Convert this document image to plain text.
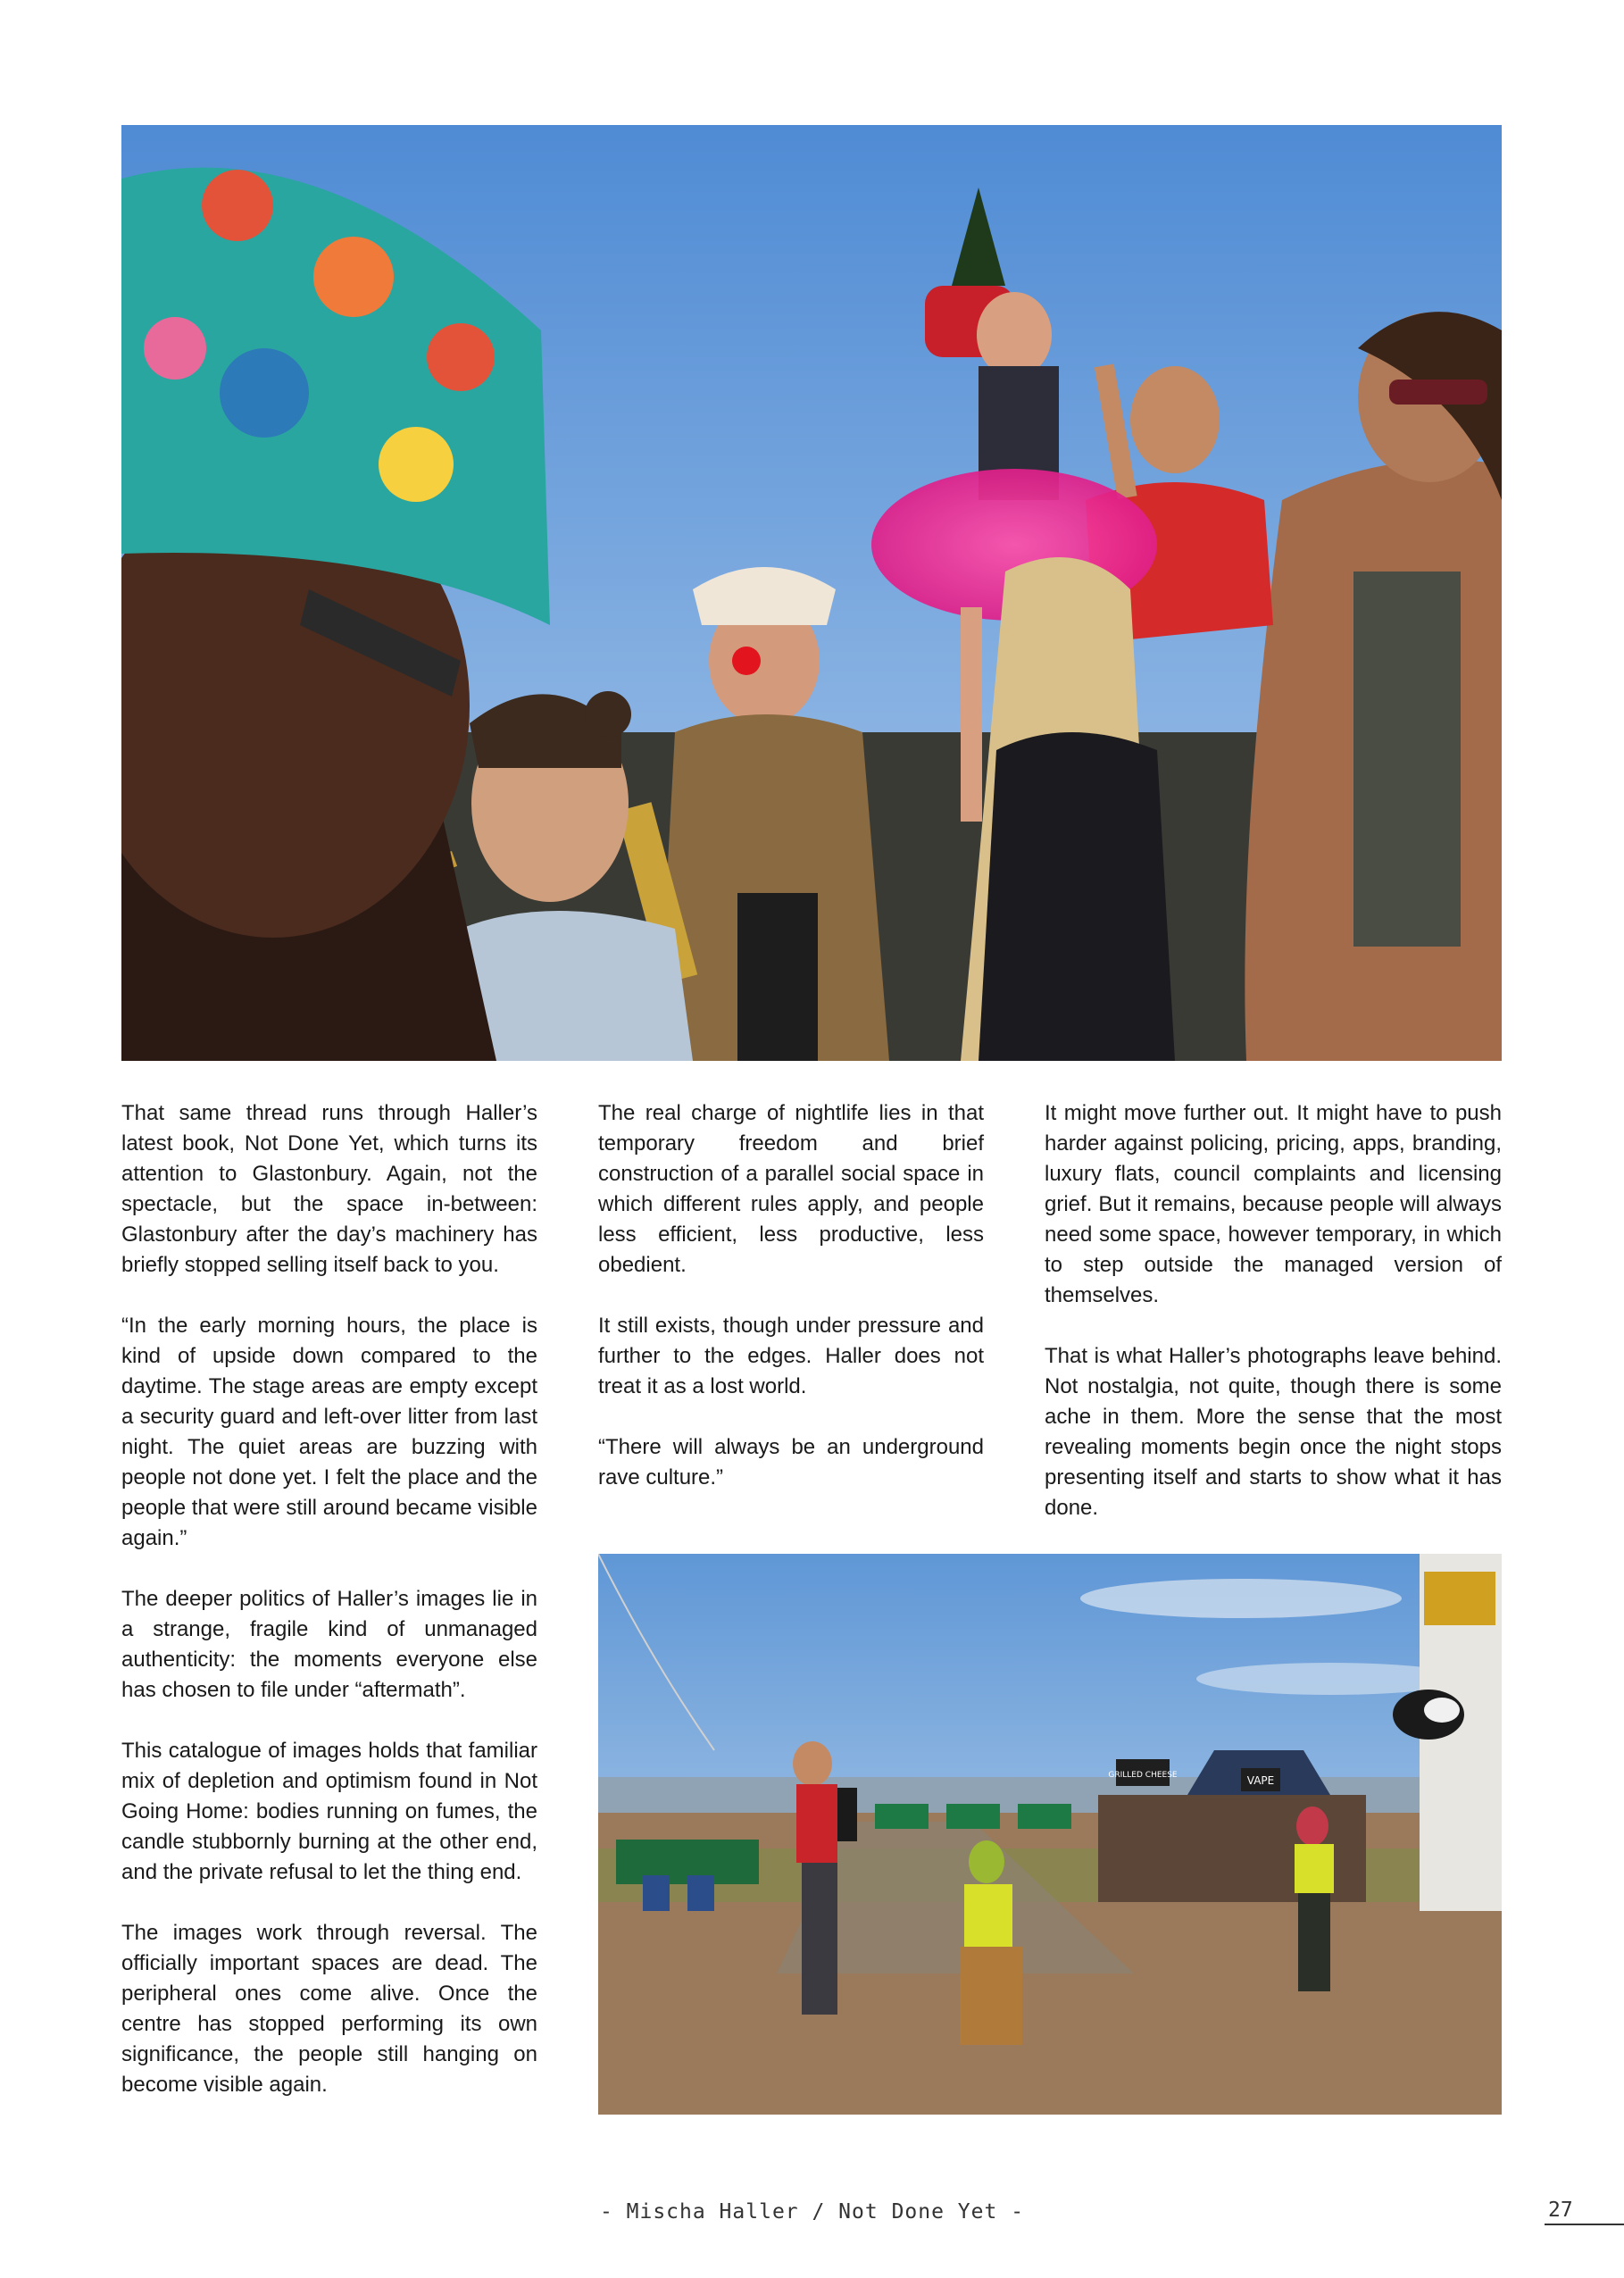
That same thread runs through Haller’s latest book, Not Done Yet, which turns its attention to Glastonbury. Again, not the spectacle, but the space in-between: Glastonbury after the day’s machinery has briefly stopped selling itself back to you.

“In the early morning hours, the place is kind of upside down compared to the daytime. The stage areas are empty except a security guard and left-over litter from last night. The quiet areas are buzzing with people not done yet. I felt the place and the people that were still around became visible again.”

The deeper politics of Haller’s images lie in a strange, fragile kind of unmanaged authenticity: the moments everyone else has chosen to file under “aftermath”.

This catalogue of images holds that familiar mix of depletion and optimism found in Not Going Home: bodies running on fumes, the candle stubbornly burning at the other end, and the private refusal to let the thing end.

The images work through reversal. The officially important spaces are dead. The peripheral ones come alive. Once the centre has stopped performing its own significance, the people still hanging on become visible again.

The real charge of nightlife lies in that temporary freedom and brief construction of a parallel social space in which different rules apply, and people less efficient, less productive, less obedient.

It still exists, though under pressure and further to the edges. Haller does not treat it as a lost world.

“There will always be an underground rave culture.”

It might move further out. It might have to push harder against policing, pricing, apps, branding, luxury flats, council complaints and licensing grief. But it remains, because people will always need some space, however temporary, in which to step outside the managed version of themselves.

That is what Haller’s photographs leave behind. Not nostalgia, not quite, though there is some ache in them. More the sense that the most revealing moments begin once the night stops presenting itself and starts to show what it has done.

GRILLED CHEESE	VAPE
- Mischa Haller / Not Done Yet -	27
